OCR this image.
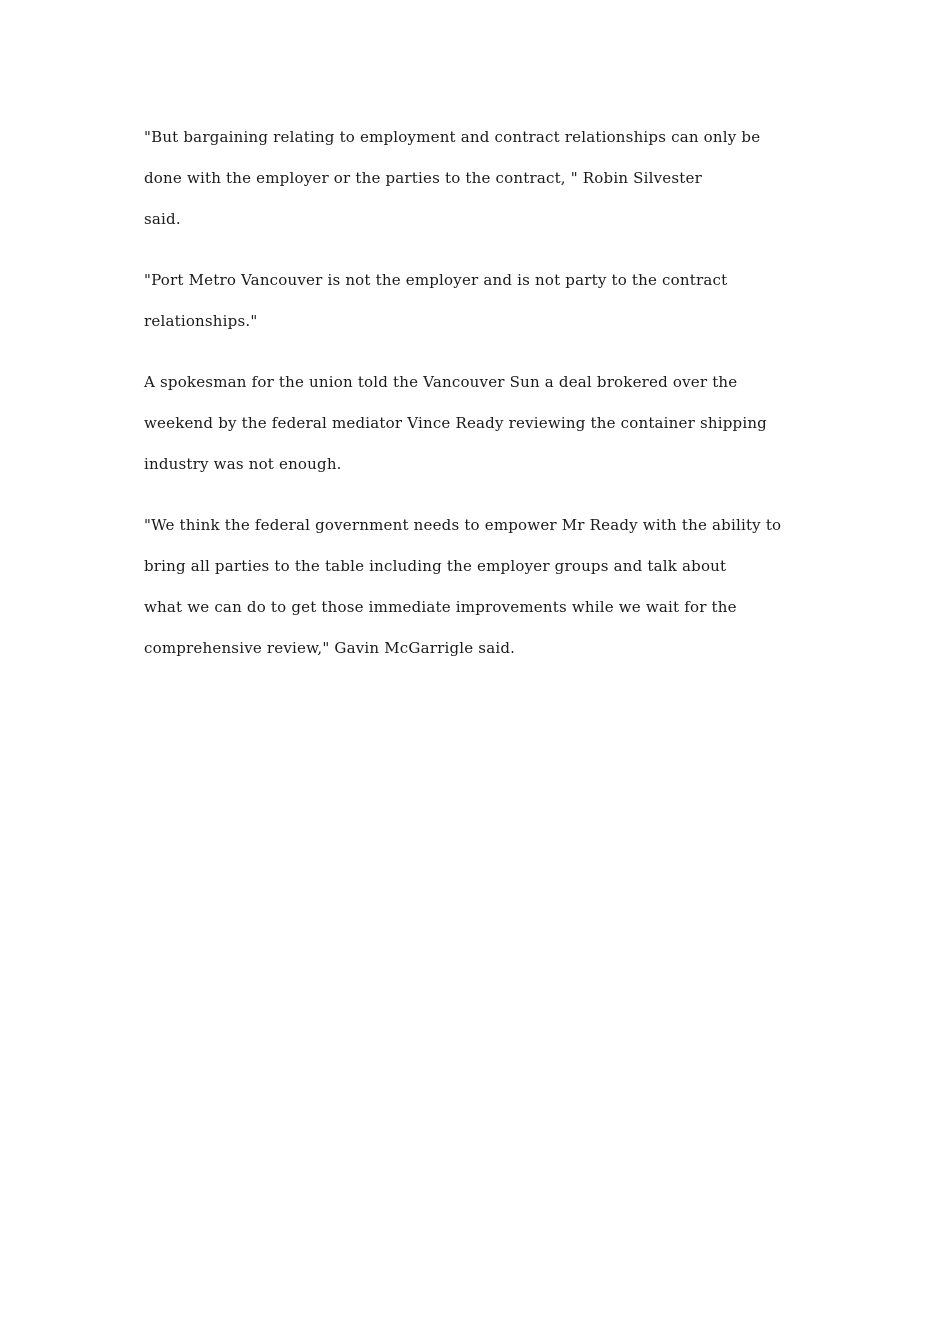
"But bargaining relating to employment and contract relationships can only be
done with the employer or the parties to the contract, " Robin Silvester
said.
"Port Metro Vancouver is not the employer and is not party to the contract
relationships."
A spokesman for the union told the Vancouver Sun a deal brokered over the
weekend by the federal mediator Vince Ready reviewing the container shipping
industry was not enough.
"We think the federal government needs to empower Mr Ready with the ability to
bring all parties to the table including the employer groups and talk about
what we can do to get those immediate improvements while we wait for the
comprehensive review," Gavin McGarrigle said.
